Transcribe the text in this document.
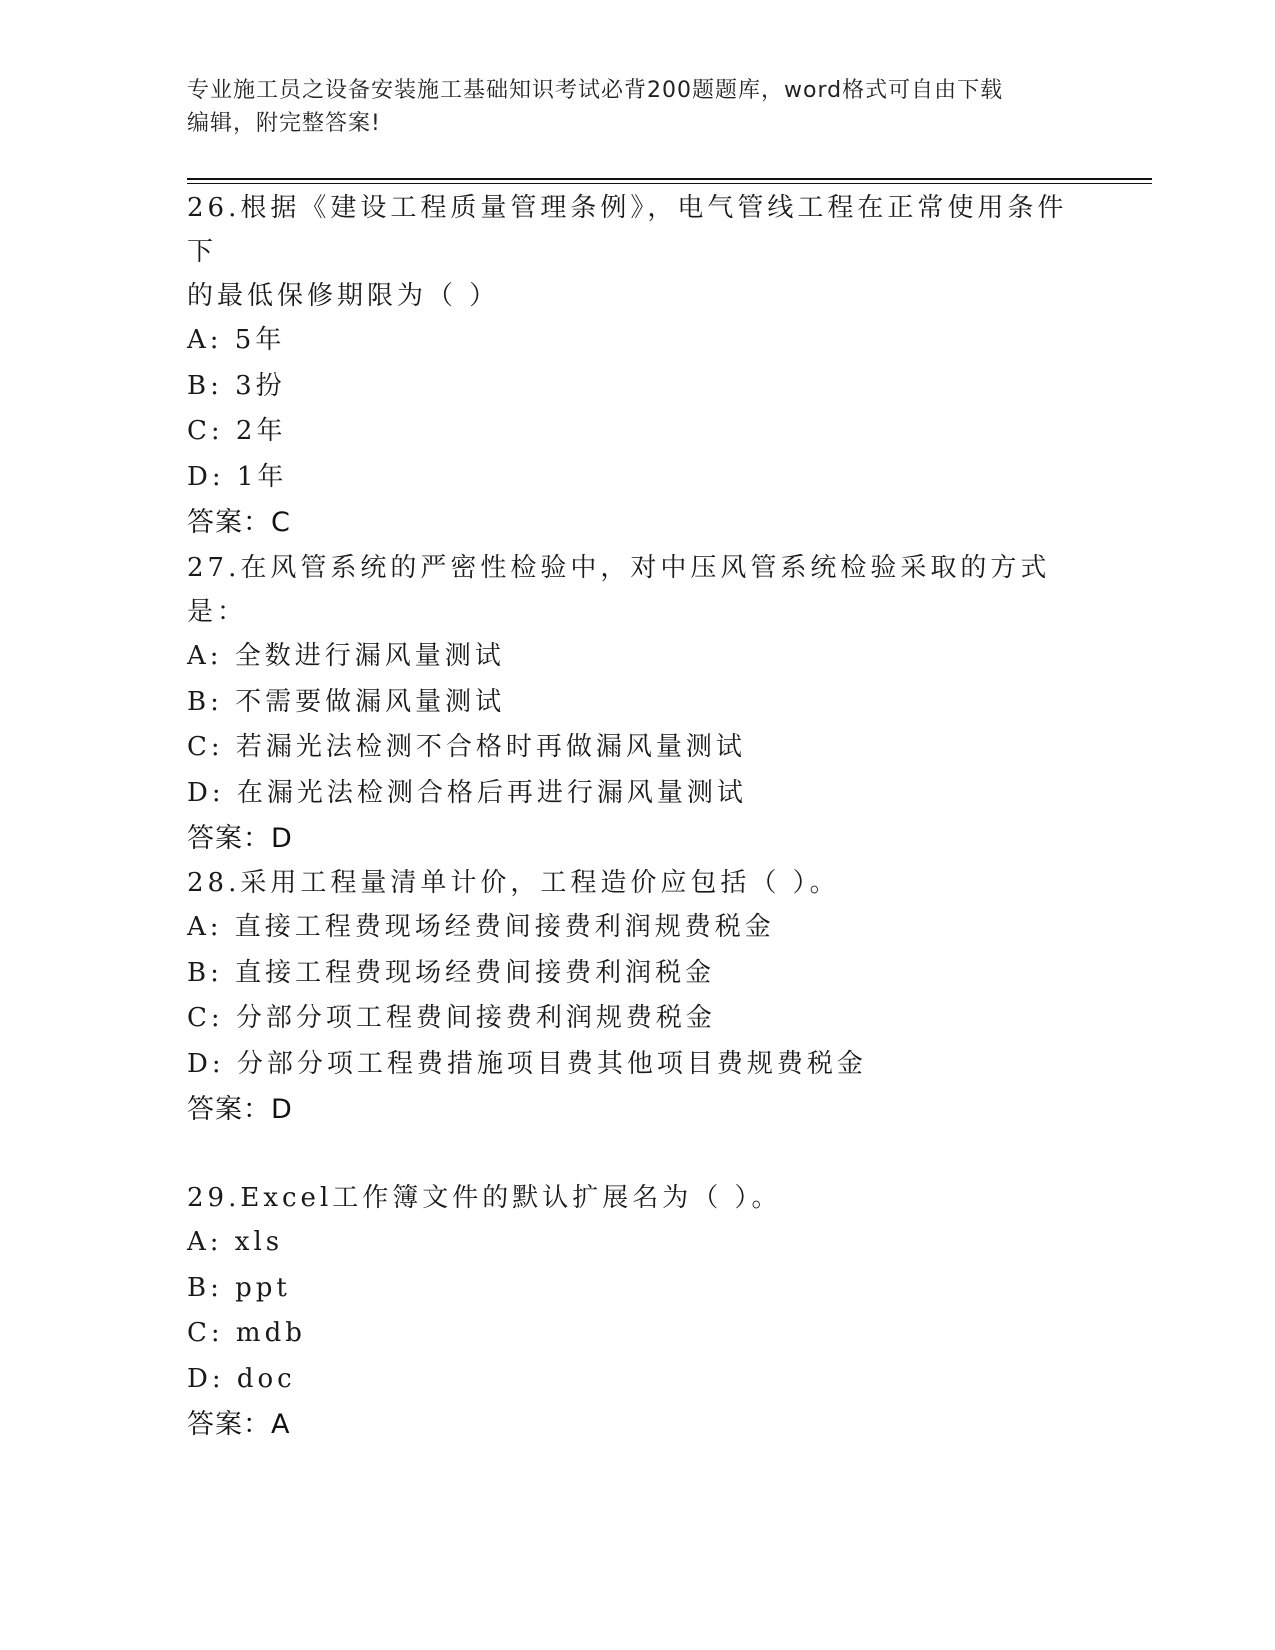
专业施工员之设备安装施工基础知识考试必背200题题库，word格式可自由下载
编辑，附完整答案!
26.根据《建设工程质量管理条例》，电气管线工程在正常使用条件下
的最低保修期限为（ ）
A: 5年
B: 3扮
C: 2年
D: 1年
答案：C
27.在风管系统的严密性检验中，对中压风管系统检验采取的方式是：
A: 全数进行漏风量测试
B: 不需要做漏风量测试
C: 若漏光法检测不合格时再做漏风量测试
D: 在漏光法检测合格后再进行漏风量测试
答案：D
28.采用工程量清单计价，工程造价应包括（ ）。
A: 直接工程费现场经费间接费利润规费税金
B: 直接工程费现场经费间接费利润税金
C: 分部分项工程费间接费利润规费税金
D: 分部分项工程费措施项目费其他项目费规费税金
答案：D
29.Excel工作簿文件的默认扩展名为（ ）。
A: xls
B: ppt
C: mdb
D: doc
答案：A
